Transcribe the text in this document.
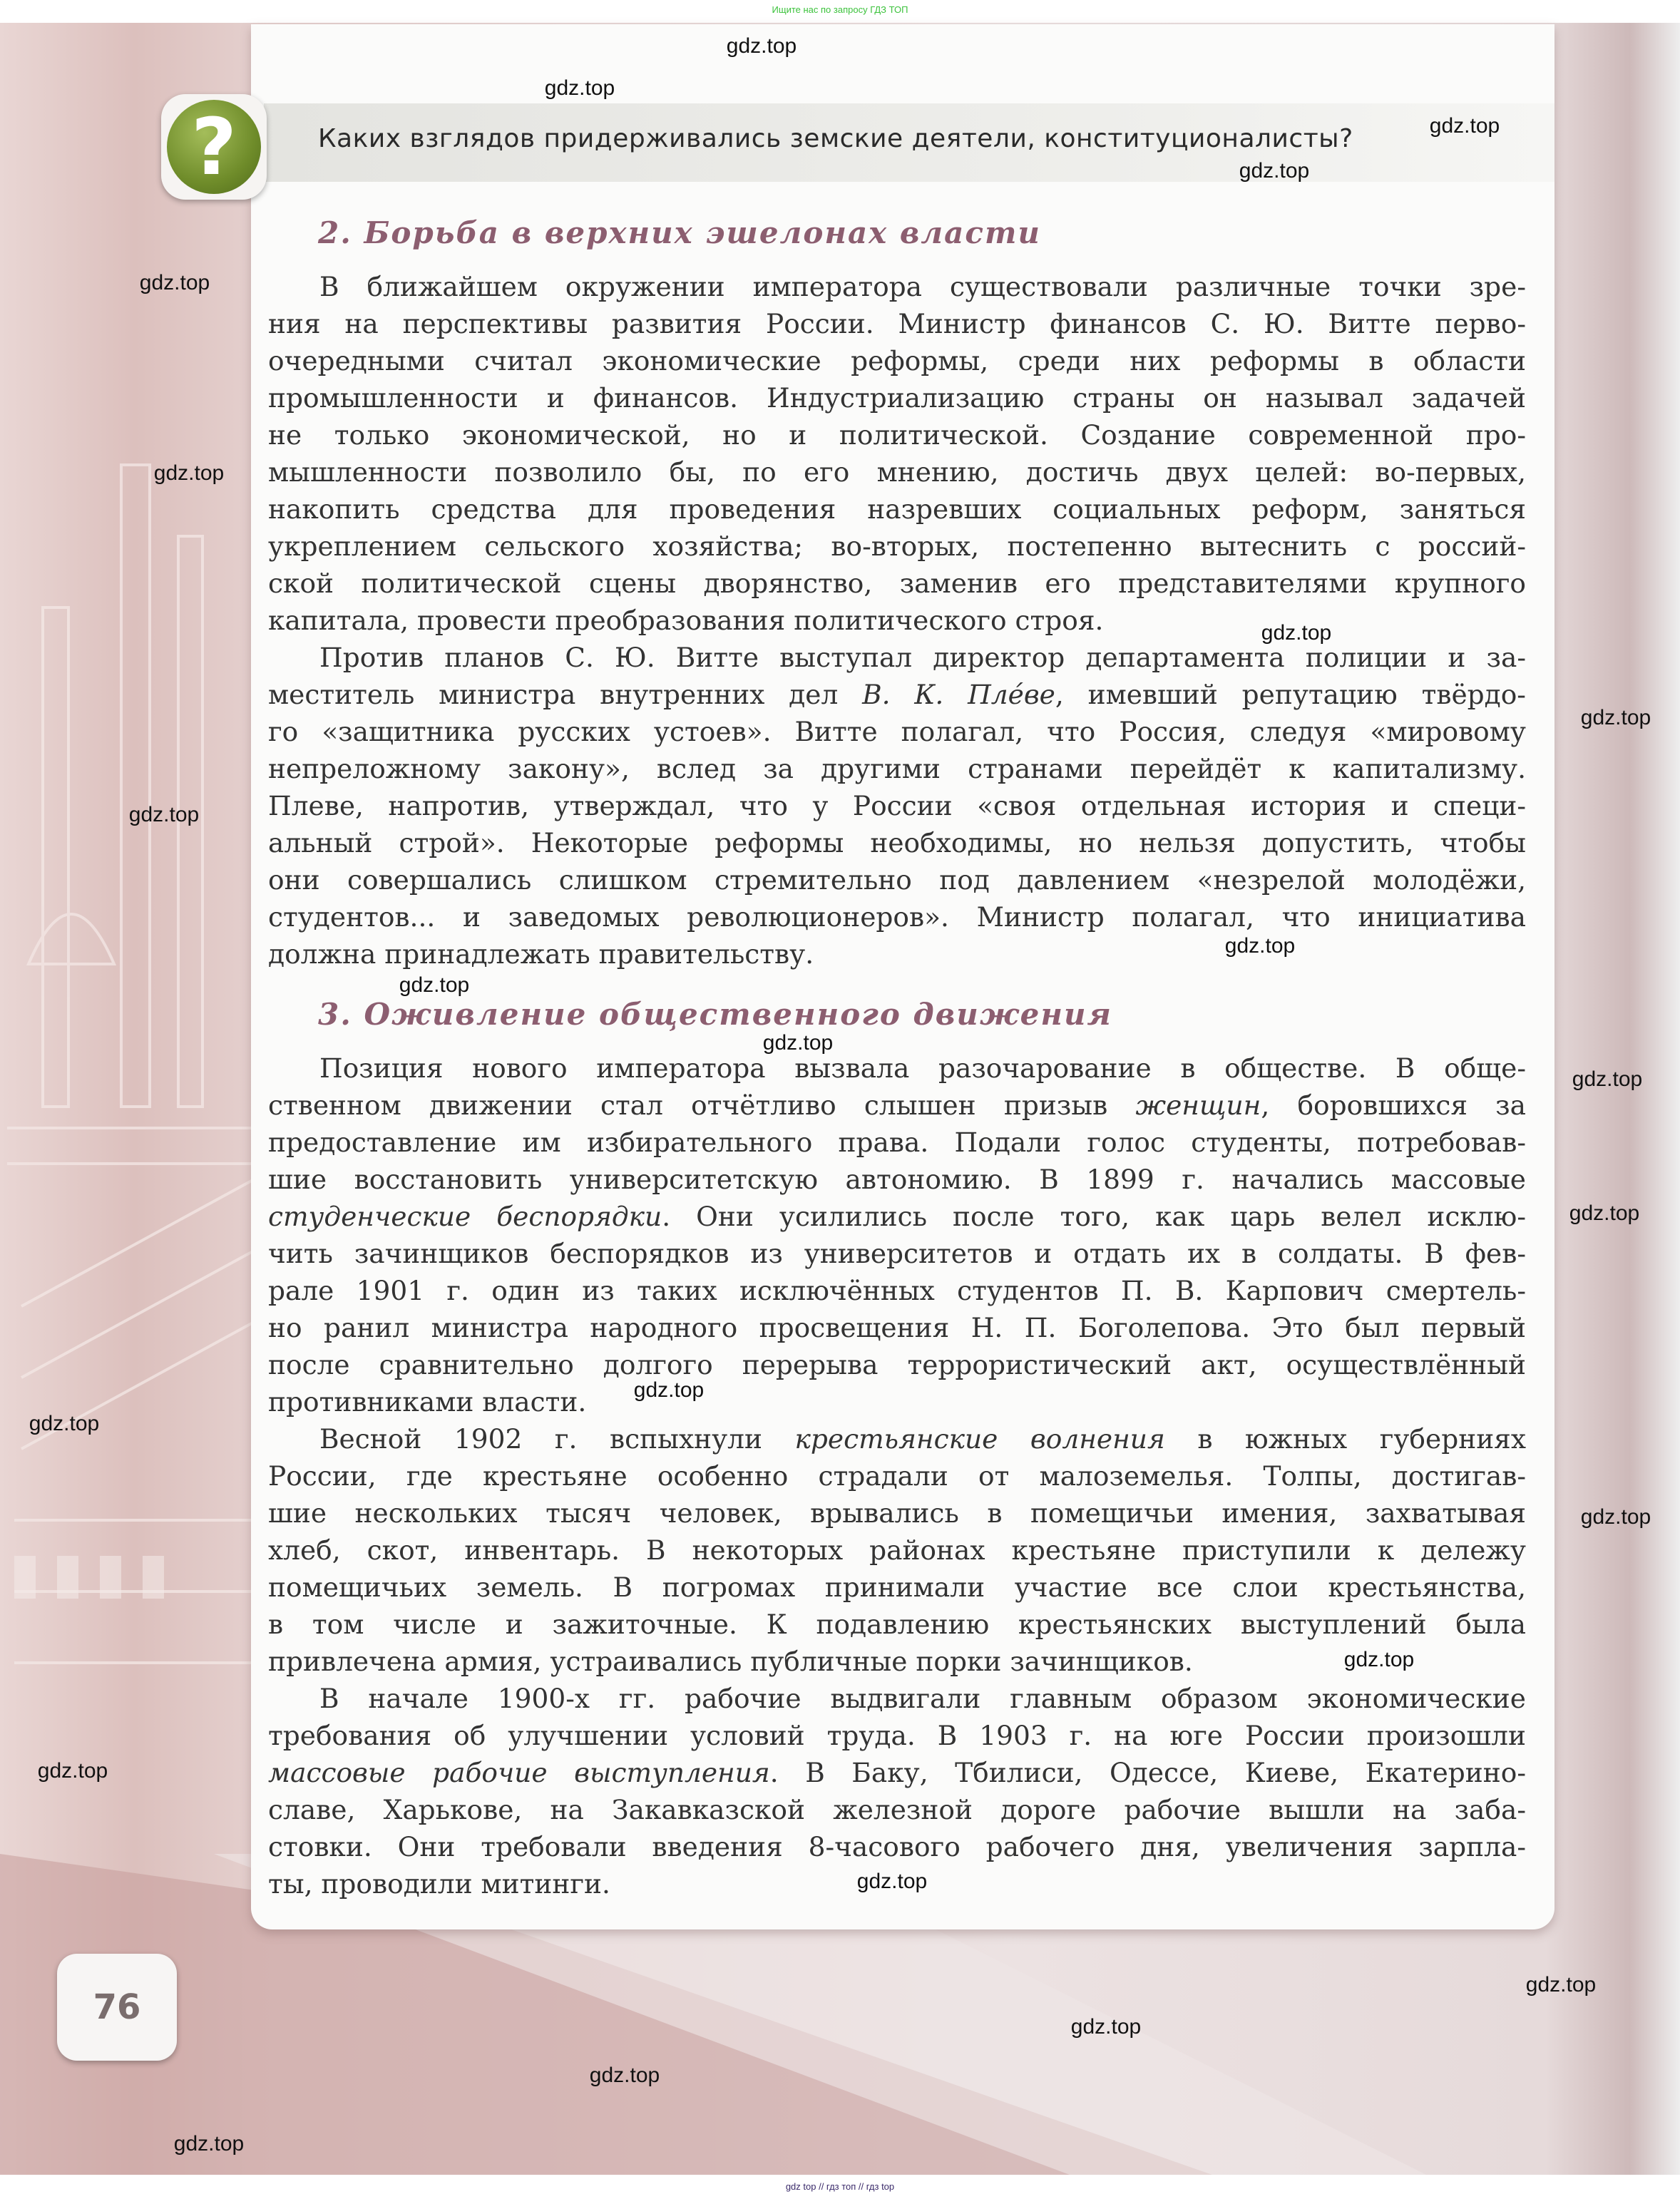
Ищите нас по запросу ГДЗ ТОП
?	Каких взглядов придерживались земские деятели, конституционалисты?
2. Борьба в верхних эшелонах власти
В ближайшем окружении императора существовали различные точки зре-
ния на перспективы развития России. Министр финансов С. Ю. Витте перво-
очередными считал экономические реформы, среди них реформы в области
промышленности и финансов. Индустриализацию страны он называл задачей
не только экономической, но и политической. Создание современной про-
мышленности позволило бы, по его мнению, достичь двух целей: во-первых,
накопить средства для проведения назревших социальных реформ, заняться
укреплением сельского хозяйства; во-вторых, постепенно вытеснить с россий-
ской политической сцены дворянство, заменив его представителями крупного
капитала, провести преобразования политического строя.
Против планов С. Ю. Витте выступал директор департамента полиции и за-
меститель министра внутренних дел В. К. Плéве, имевший репутацию твёрдо-
го «защитника русских устоев». Витте полагал, что Россия, следуя «мировому
непреложному закону», вслед за другими странами перейдёт к капитализму.
Плеве, напротив, утверждал, что у России «своя отдельная история и специ-
альный строй». Некоторые реформы необходимы, но нельзя допустить, чтобы
они совершались слишком стремительно под давлением «незрелой молодёжи,
студентов... и заведомых революционеров». Министр полагал, что инициатива
должна принадлежать правительству.
3. Оживление общественного движения
Позиция нового императора вызвала разочарование в обществе. В обще-
ственном движении стал отчётливо слышен призыв женщин, боровшихся за
предоставление им избирательного права. Подали голос студенты, потребовав-
шие восстановить университетскую автономию. В 1899 г. начались массовые
студенческие беспорядки. Они усилились после того, как царь велел исклю-
чить зачинщиков беспорядков из университетов и отдать их в солдаты. В фев-
рале 1901 г. один из таких исключённых студентов П. В. Карпович смертель-
но ранил министра народного просвещения Н. П. Боголепова. Это был первый
после сравнительно долгого перерыва террористический акт, осуществлённый
противниками власти.
Весной 1902 г. вспыхнули крестьянские волнения в южных губерниях
России, где крестьяне особенно страдали от малоземелья. Толпы, достигав-
шие нескольких тысяч человек, врывались в помещичьи имения, захватывая
хлеб, скот, инвентарь. В некоторых районах крестьяне приступили к дележу
помещичьих земель. В погромах принимали участие все слои крестьянства,
в том числе и зажиточные. К подавлению крестьянских выступлений была
привлечена армия, устраивались публичные порки зачинщиков.
В начале 1900-х гг. рабочие выдвигали главным образом экономические
требования об улучшении условий труда. В 1903 г. на юге России произошли
массовые рабочие выступления. В Баку, Тбилиси, Одессе, Киеве, Екатерино-
славе, Харькове, на Закавказской железной дороге рабочие вышли на заба-
стовки. Они требовали введения 8-часового рабочего дня, увеличения зарпла-
ты, проводили митинги.
76
gdz.top
gdz.top
gdz.top
gdz.top
gdz.top
gdz.top
gdz.top
gdz.top
gdz.top
gdz.top
gdz.top
gdz.top
gdz.top
gdz.top
gdz.top
gdz.top
gdz.top
gdz.top
gdz.top
gdz.top
gdz.top
gdz.top
gdz.top
gdz.top
gdz top // гдз топ // гдз top
